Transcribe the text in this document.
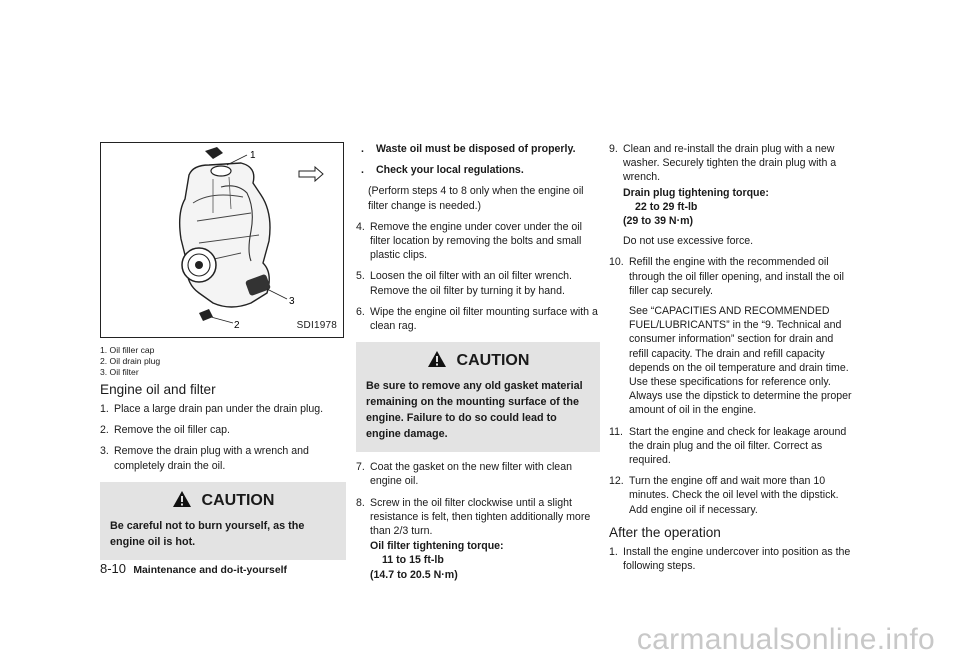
1
3
2	SDI1978
1. Oil filler cap
2. Oil drain plug
3. Oil filter
Engine oil and filter
1. Place a large drain pan under the drain plug.
2. Remove the oil filler cap.
3. Remove the drain plug with a wrench and completely drain the oil.
CAUTION
Be careful not to burn yourself, as the engine oil is hot.
. Waste oil must be disposed of properly.
. Check your local regulations.
(Perform steps 4 to 8 only when the engine oil filter change is needed.)
4. Remove the engine under cover under the oil filter location by removing the bolts and small plastic clips.
5. Loosen the oil filter with an oil filter wrench. Remove the oil filter by turning it by hand.
6. Wipe the engine oil filter mounting surface with a clean rag.
CAUTION
Be sure to remove any old gasket material remaining on the mounting surface of the engine. Failure to do so could lead to engine damage.
7. Coat the gasket on the new filter with clean engine oil.
8. Screw in the oil filter clockwise until a slight resistance is felt, then tighten additionally more than 2/3 turn.
Oil filter tightening torque:
11 to 15 ft-lb
(14.7 to 20.5 N·m)
9. Clean and re-install the drain plug with a new washer. Securely tighten the drain plug with a wrench.
Drain plug tightening torque:
22 to 29 ft-lb
(29 to 39 N·m)
Do not use excessive force.
10. Refill the engine with the recommended oil through the oil filler opening, and install the oil filler cap securely.
See “CAPACITIES AND RECOMMENDED FUEL/LUBRICANTS” in the “9. Technical and consumer information” section for drain and refill capacity. The drain and refill capacity depends on the oil temperature and drain time. Use these specifications for reference only. Always use the dipstick to determine the proper amount of oil in the engine.
11. Start the engine and check for leakage around the drain plug and the oil filter. Correct as required.
12. Turn the engine off and wait more than 10 minutes. Check the oil level with the dipstick. Add engine oil if necessary.
After the operation
1. Install the engine undercover into position as the following steps.
8-10 Maintenance and do-it-yourself
carmanualsonline.info
